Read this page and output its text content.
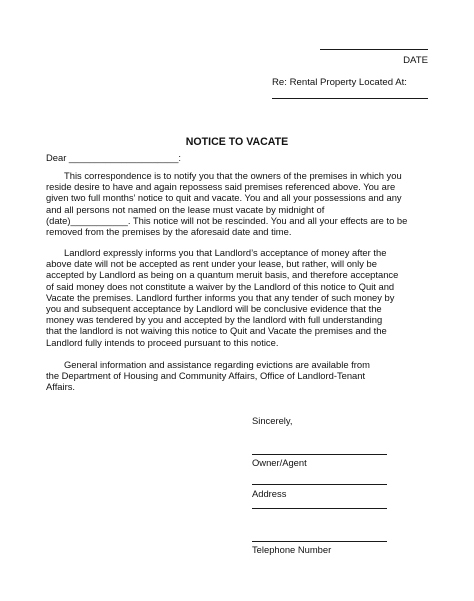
DATE
Re: Rental Property Located At:
NOTICE TO VACATE
Dear _____________________:
This correspondence is to notify you that the owners of the premises in which you
reside desire to have and again repossess said premises referenced above. You are
given two full months’ notice to quit and vacate. You and all your possessions and any
and all persons not named on the lease must vacate by midnight of
(date)___________. This notice will not be rescinded. You and all your effects are to be
removed from the premises by the aforesaid date and time.
Landlord expressly informs you that Landlord’s acceptance of money after the
above date will not be accepted as rent under your lease, but rather, will only be
accepted by Landlord as being on a quantum meruit basis, and therefore acceptance
of said money does not constitute a waiver by the Landlord of this notice to Quit and
Vacate the premises. Landlord further informs you that any tender of such money by
you and subsequent acceptance by Landlord will be conclusive evidence that the
money was tendered by you and accepted by the landlord with full understanding
that the landlord is not waiving this notice to Quit and Vacate the premises and the
Landlord fully intends to proceed pursuant to this notice.
General information and assistance regarding evictions are available from
the Department of Housing and Community Affairs, Office of Landlord-Tenant
Affairs.
Sincerely,
Owner/Agent
Address
Telephone Number
